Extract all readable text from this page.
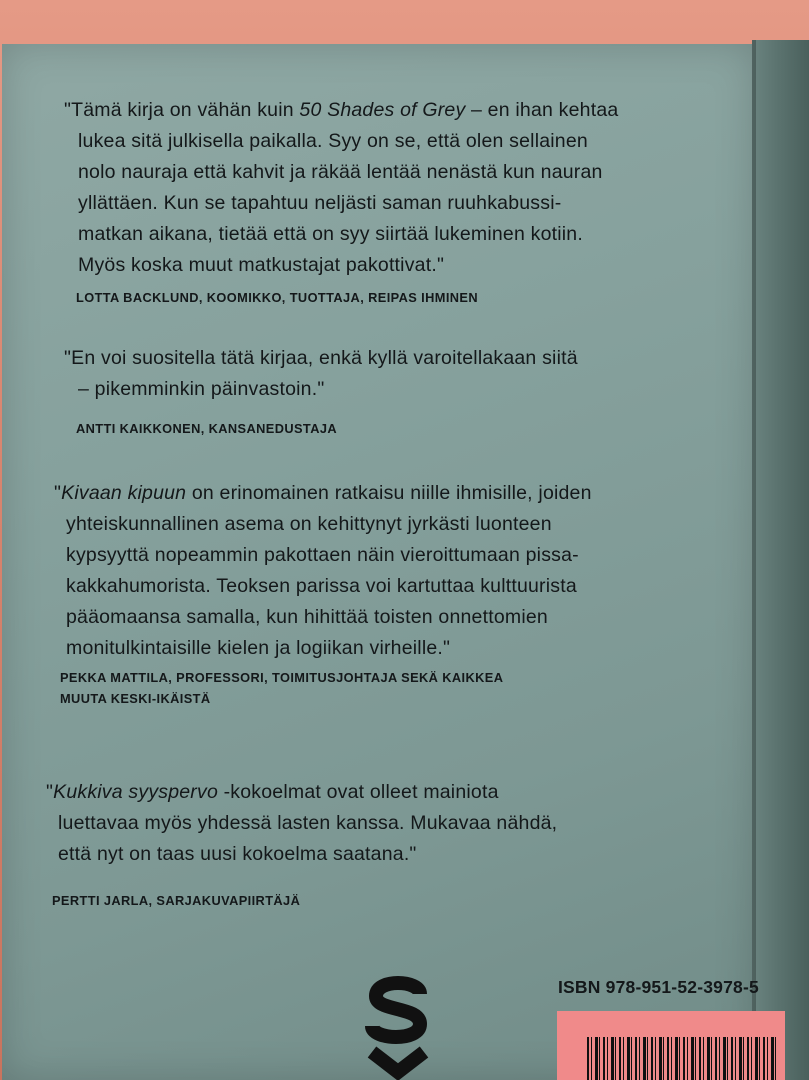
"Tämä kirja on vähän kuin 50 Shades of Grey – en ihan kehtaa
lukea sitä julkisella paikalla. Syy on se, että olen sellainen
nolo nauraja että kahvit ja räkää lentää nenästä kun nauran
yllättäen. Kun se tapahtuu neljästi saman ruuhkabussi-
matkan aikana, tietää että on syy siirtää lukeminen kotiin.
Myös koska muut matkustajat pakottivat."
LOTTA BACKLUND, KOOMIKKO, TUOTTAJA, REIPAS IHMINEN
"En voi suositella tätä kirjaa, enkä kyllä varoitellakaan siitä
– pikemminkin päinvastoin."
ANTTI KAIKKONEN, KANSANEDUSTAJA
"Kivaan kipuun on erinomainen ratkaisu niille ihmisille, joiden
yhteiskunnallinen asema on kehittynyt jyrkästi luonteen
kypsyyttä nopeammin pakottaen näin vieroittumaan pissa-
kakkahumorista. Teoksen parissa voi kartuttaa kulttuurista
pääomaansa samalla, kun hihittää toisten onnettomien
monitulkintaisille kielen ja logiikan virheille."
PEKKA MATTILA, PROFESSORI, TOIMITUSJOHTAJA SEKÄ KAIKKEA
MUUTA KESKI-IKÄISTÄ
"Kukkiva syyspervo -kokoelmat ovat olleet mainiota
luettavaa myös yhdessä lasten kanssa. Mukavaa nähdä,
että nyt on taas uusi kokoelma saatana."
PERTTI JARLA, SARJAKUVAPIIRTÄJÄ
ISBN 978-951-52-3978-5
